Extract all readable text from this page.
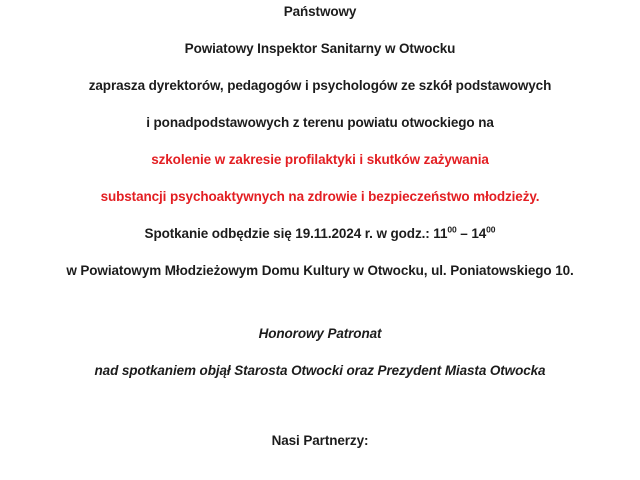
Państwowy

Powiatowy Inspektor Sanitarny w Otwocku

zaprasza dyrektorów, pedagogów i psychologów ze szkół podstawowych

i ponadpodstawowych z terenu powiatu otwockiego na

szkolenie w zakresie profilaktyki i skutków zażywania

substancji psychoaktywnych na zdrowie i bezpieczeństwo młodzieży.

Spotkanie odbędzie się 19.11.2024 r. w godz.: $11^{00} - 14^{00}$

w Powiatowym Młodzieżowym Domu Kultury w Otwocku, ul. Poniatowskiego 10.

Honorowy Patronat

nad spotkaniem objął Starosta Otwocki oraz Prezydent Miasta Otwocka

Nasi Partnerzy:
